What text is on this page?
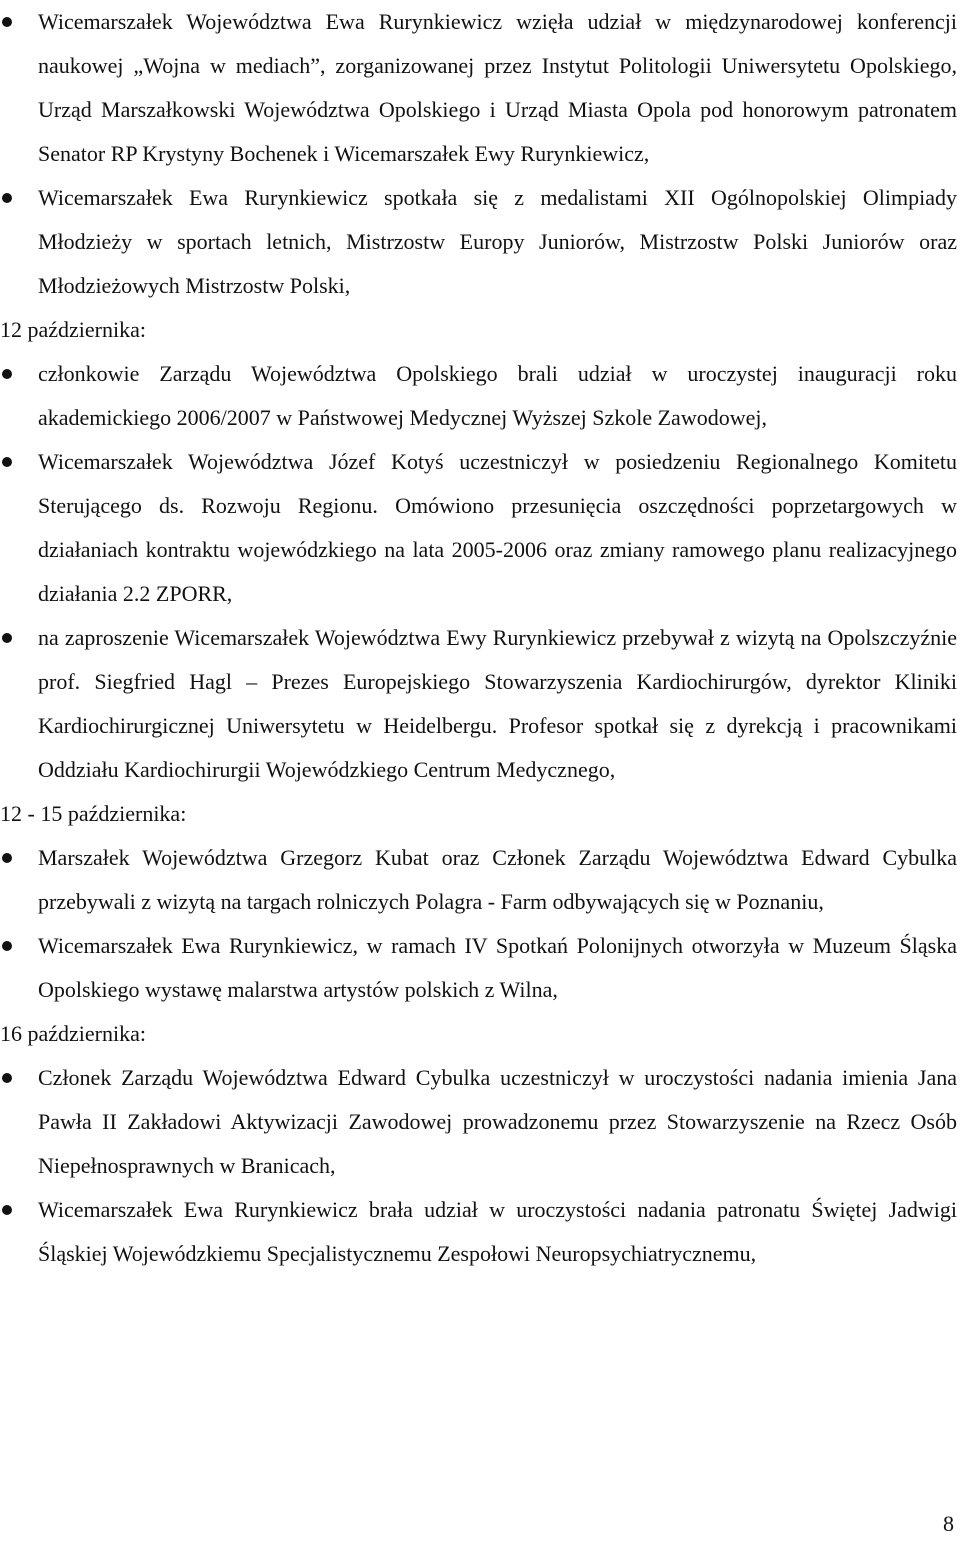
Wicemarszałek Województwa Ewa Rurynkiewicz wzięła udział w międzynarodowej konferencji naukowej „Wojna w mediach”, zorganizowanej przez Instytut Politologii Uniwersytetu Opolskiego, Urząd Marszałkowski Województwa Opolskiego i Urząd Miasta Opola pod honorowym patronatem Senator RP Krystyny Bochenek i Wicemarszałek Ewy Rurynkiewicz,
Wicemarszałek Ewa Rurynkiewicz spotkała się z medalistami XII Ogólnopolskiej Olimpiady Młodzieży w sportach letnich, Mistrzostw Europy Juniorów, Mistrzostw Polski Juniorów oraz Młodzieżowych Mistrzostw Polski,
12 października:
członkowie Zarządu Województwa Opolskiego brali udział w uroczystej inauguracji roku akademickiego 2006/2007 w Państwowej Medycznej Wyższej Szkole Zawodowej,
Wicemarszałek Województwa Józef Kotyś uczestniczył w posiedzeniu Regionalnego Komitetu Sterującego ds. Rozwoju Regionu. Omówiono przesunięcia oszczędności poprzetargowych w działaniach kontraktu wojewódzkiego na lata 2005-2006 oraz zmiany ramowego planu realizacyjnego działania 2.2 ZPORR,
na zaproszenie Wicemarszałek Województwa Ewy Rurynkiewicz przebywał z wizytą na Opolszczyźnie prof. Siegfried Hagl – Prezes Europejskiego Stowarzyszenia Kardiochirurgów, dyrektor Kliniki Kardiochirurgicznej Uniwersytetu w Heidelbergu. Profesor spotkał się z dyrekcją i pracownikami Oddziału Kardiochirurgii Wojewódzkiego Centrum Medycznego,
12 - 15 października:
Marszałek Województwa Grzegorz Kubat oraz Członek Zarządu Województwa Edward Cybulka przebywali z wizytą na targach rolniczych Polagra - Farm odbywających się w Poznaniu,
Wicemarszałek Ewa Rurynkiewicz, w ramach IV Spotkań Polonijnych otworzyła w Muzeum Śląska Opolskiego wystawę malarstwa artystów polskich z Wilna,
16 października:
Członek Zarządu Województwa Edward Cybulka uczestniczył w uroczystości nadania imienia Jana Pawła II Zakładowi Aktywizacji Zawodowej prowadzonemu przez Stowarzyszenie na Rzecz Osób Niepełnosprawnych w Branicach,
Wicemarszałek Ewa Rurynkiewicz brała udział w uroczystości nadania patronatu Świętej Jadwigi Śląskiej Wojewódzkiemu Specjalistycznemu Zespołowi Neuropsychiatrycznemu,
8
